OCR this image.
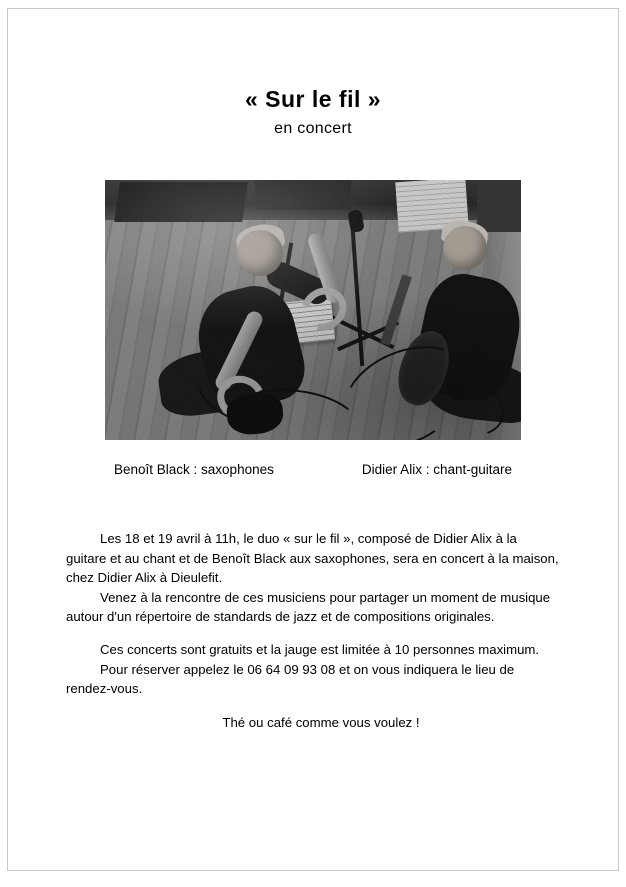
« Sur le fil »
en concert
Benoît Black : saxophones	Didier Alix : chant-guitare

Les 18 et 19 avril à 11h, le duo « sur le fil », composé de Didier Alix à la guitare et au chant et de Benoît Black aux saxophones, sera en concert à la maison, chez Didier Alix à Dieulefit.

Venez à la rencontre de ces musiciens pour partager un moment de musique autour d'un répertoire de standards de jazz et de compositions originales.

Ces concerts sont gratuits et la jauge est limitée à 10 personnes maximum.

Pour réserver appelez le 06 64 09 93 08 et on vous indiquera le lieu de rendez-vous.

Thé ou café comme vous voulez !
